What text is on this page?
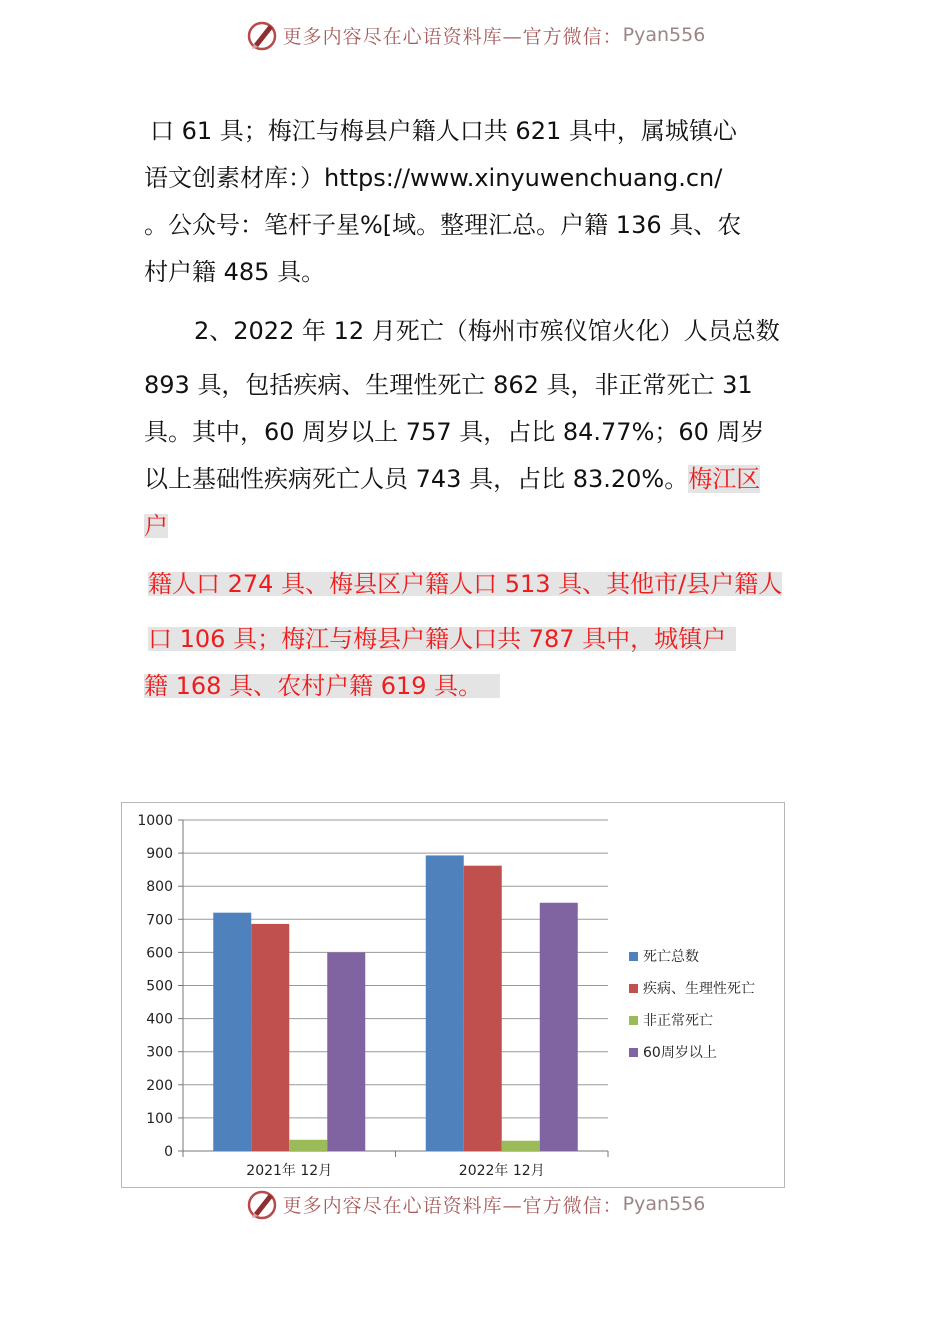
更多内容尽在心语资料库—官方微信： Pyan556
口 61 具；梅江与梅县户籍人口共 621 具中，属城镇心
语文创素材库：）https://www.xinyuwenchuang.cn/
。公众号：笔杆子星%[域。整理汇总。户籍 136 具、农
村户籍 485 具。
2、2022 年 12 月死亡（梅州市殡仪馆火化）人员总数
893 具，包括疾病、生理性死亡 862 具，非正常死亡 31
具。其中，60 周岁以上 757 具，占比 84.77%；60 周岁
以上基础性疾病死亡人员 743 具，占比 83.20%。梅江区
户
籍人口 274 具、梅县区户籍人口 513 具、其他市/县户籍人
口 106 具；梅江与梅县户籍人口共 787 具中，城镇户
籍 168 具、农村户籍 619 具。
0
100
200
300
400
500
600
700
800
900
1000
2021年 12月	2022年 12月
死亡总数
疾病、生理性死亡
非正常死亡
60周岁以上
更多内容尽在心语资料库—官方微信： Pyan556
